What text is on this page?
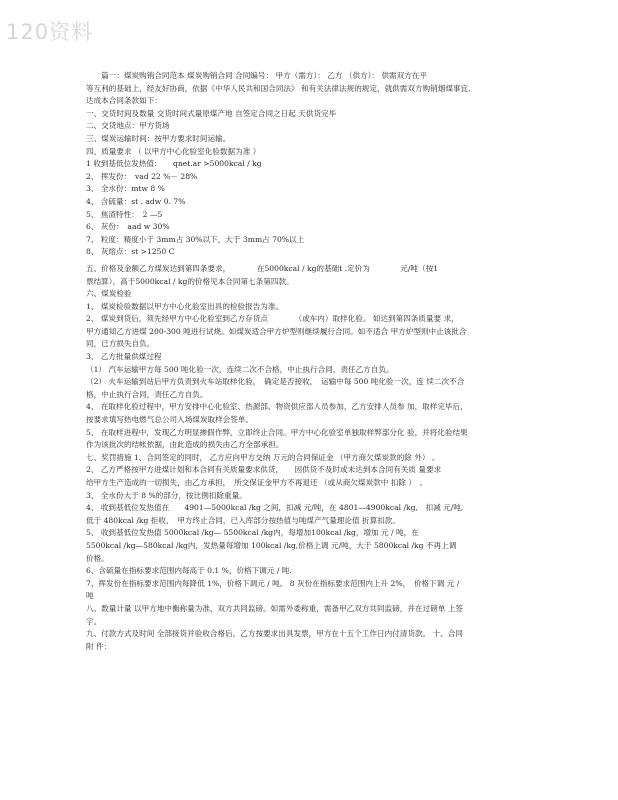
120资料

　　篇一：煤炭购销合同范本 煤炭购销合同 合同编号： 甲方（需方）： 乙方 （供方）： 供需双方在平

等互利的基础上，经友好协商，依据《中华人民共和国合同法》 和有关法律法规的规定，就供需双方购销烟煤事宜,

达成本合同条款如下：

一、交货时间及数量 交货时间式量原煤产地 自签定合同之日起 天供货完毕

二、交货地点：甲方货场

三、煤炭运输时间：按甲方要求时间运输。

四、质量要求 （ 以甲方中心化验室化验数据为准 ）

1 收到基低位发热值：　　qnet.ar >5000kcal / kg

2、 挥发份：　vad 22 %－ 28%

3、 全水份：mtw 8 %

4、 含硫量：st . adw 0. 7%

5、 焦渣特性：　2 —5

6、 灰份：　aad w 30%

7、 粒度：精度小于 3mm占 30%以下，大于 3mm占 70%以上

8、 灰熔点：st >1250 C

五、价格及金额乙方煤炭达到第四条要求，　　　　在5000kcal / kg的基础t .定价为　　　　元/吨（按1

票结算），高于5000kcal / kg的价格见本合同第七条第四款。

六、煤炭检验

1、 煤炭检验数据以甲方中心化验室出具的检验报告为准。

2、 煤炭到货后，须先经甲方中心化验室到乙方存货点　　　　（或车内）取样化验。 如达到第四条质量要 求，

甲方通知乙方进煤 200-300 吨进行试烧。如煤炭适合甲方炉型则继续履行合同。如不适合 甲方炉型则中止该批合

同，已方损失自负。

3、 乙方批量供煤过程

（1） 汽车运输甲方每 500 吨化验一次，连续二次不合格，中止执行合同，责任乙方自负。

（2） 火车运输到站后甲方负责到火车站取样化验，　确定是否接收，　运输中每 500 吨化验一次，连 续二次不合

格，中止执行合同，责任乙方自负。

4、 在取样化验过程中，甲方安排中心化验室、热源部、物资供应部人员参加，乙方安排人员参 加，取样完毕后，

按要求填写热电燃气总公司入场煤炭取样会签单。

5、 在取样进程中，发现乙方明显掺假作弊，立即终止合同。甲方中心化验室单独取样弊部分化 验，并将化验结果

作为该批次的结帐依据，由此造成的损失由乙方全部承担。

七、奖罚措施 1、合同签定的同时， 乙方应向甲方交纳 万元的合同保证金 （甲方商欠煤炭款的除 外） 。

2、 乙方严格按甲方进煤计划和本合同有关质量要求供货，　　因供货不及时或未达到本合同有关质 量要求

给甲方生产造成的一切损失，由乙方承担，　所交保证金甲方不再退还 （或从商欠煤炭款中 扣除 ）　。

3、 全水份大于 8 %的部分，按比例扣除重量。

4、 收到基低位发热值在　　4901—5000kcal /kg 之间，扣减 元/吨，在 4801—4900kcal /kg,　扣减 元/吨,

低于 480kcal /kg 拒收，　甲方终止合同，已入库部分按热值与吨煤产气量理论值 折算扣款。

5、 收到基低位发热值 5000kcal /kg— 5500kcal /kg内，每增加100kcal /kg，增加 元 / 吨，在

5500kcal /kg—580kcal /kg内，发热量每增加 100kcal /kg,价格上调 元/吨，大于 5800kcal /kg 不再上调

价格。

6、含硫量在指标要求范围内每高于 0.1 %，价格下调元 / 吨.

7、挥发份在指标要求范围内每降低 1%，价格下调元 / 吨。 8 灰份在指标要求范围内上升 2%，　价格下调 元 /

吨

八、数量计量 以甲方地中衡称量为准，双方共同监磅。如需外委称重，需备甲乙双方共同监磅，并在过磅单 上签

字。

九、付款方式及时间 全部接货并验收合格后，乙方按要求出具发票，甲方在十五个工作日内付清货款。 十、合同

附 件：
